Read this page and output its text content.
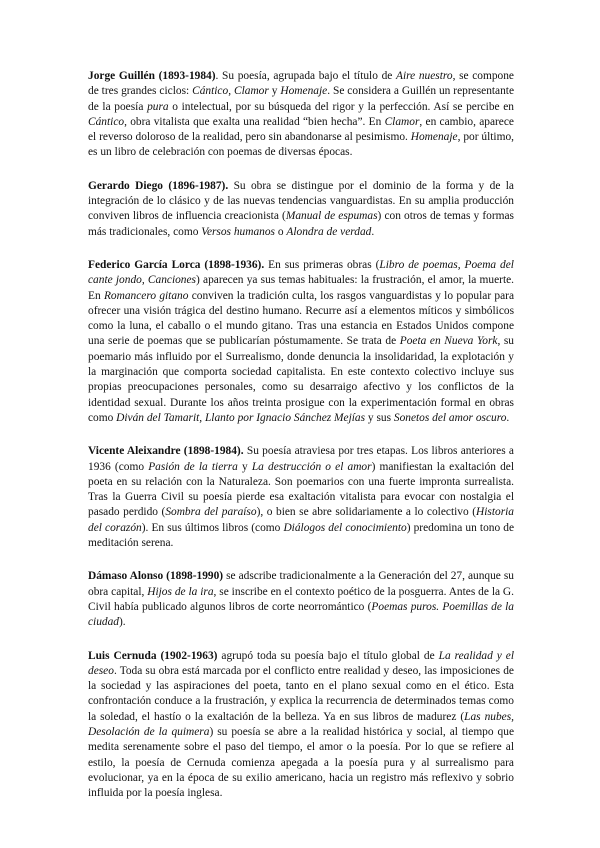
Jorge Guillén (1893-1984). Su poesía, agrupada bajo el título de Aire nuestro, se compone de tres grandes ciclos: Cántico, Clamor y Homenaje. Se considera a Guillén un representante de la poesía pura o intelectual, por su búsqueda del rigor y la perfección. Así se percibe en Cántico, obra vitalista que exalta una realidad “bien hecha”. En Clamor, en cambio, aparece el reverso doloroso de la realidad, pero sin abandonarse al pesimismo. Homenaje, por último, es un libro de celebración con poemas de diversas épocas.

Gerardo Diego (1896-1987). Su obra se distingue por el dominio de la forma y de la integración de lo clásico y de las nuevas tendencias vanguardistas. En su amplia producción conviven libros de influencia creacionista (Manual de espumas) con otros de temas y formas más tradicionales, como Versos humanos o Alondra de verdad.

Federico García Lorca (1898-1936). En sus primeras obras (Libro de poemas, Poema del cante jondo, Canciones) aparecen ya sus temas habituales: la frustración, el amor, la muerte. En Romancero gitano conviven la tradición culta, los rasgos vanguardistas y lo popular para ofrecer una visión trágica del destino humano. Recurre así a elementos míticos y simbólicos como la luna, el caballo o el mundo gitano. Tras una estancia en Estados Unidos compone una serie de poemas que se publicarían póstumamente. Se trata de Poeta en Nueva York, su poemario más influido por el Surrealismo, donde denuncia la insolidaridad, la explotación y la marginación que comporta sociedad capitalista. En este contexto colectivo incluye sus propias preocupaciones personales, como su desarraigo afectivo y los conflictos de la identidad sexual. Durante los años treinta prosigue con la experimentación formal en obras como Diván del Tamarit, Llanto por Ignacio Sánchez Mejías y sus Sonetos del amor oscuro.

Vicente Aleixandre (1898-1984). Su poesía atraviesa por tres etapas. Los libros anteriores a 1936 (como Pasión de la tierra y La destrucción o el amor) manifiestan la exaltación del poeta en su relación con la Naturaleza. Son poemarios con una fuerte impronta surrealista. Tras la Guerra Civil su poesía pierde esa exaltación vitalista para evocar con nostalgia el pasado perdido (Sombra del paraíso), o bien se abre solidariamente a lo colectivo (Historia del corazón). En sus últimos libros (como Diálogos del conocimiento) predomina un tono de meditación serena.

Dámaso Alonso (1898-1990) se adscribe tradicionalmente a la Generación del 27, aunque su obra capital, Hijos de la ira, se inscribe en el contexto poético de la posguerra. Antes de la G. Civil había publicado algunos libros de corte neorromántico (Poemas puros. Poemillas de la ciudad).

Luis Cernuda (1902-1963) agrupó toda su poesía bajo el título global de La realidad y el deseo. Toda su obra está marcada por el conflicto entre realidad y deseo, las imposiciones de la sociedad y las aspiraciones del poeta, tanto en el plano sexual como en el ético. Esta confrontación conduce a la frustración, y explica la recurrencia de determinados temas como la soledad, el hastío o la exaltación de la belleza. Ya en sus libros de madurez (Las nubes, Desolación de la quimera) su poesía se abre a la realidad histórica y social, al tiempo que medita serenamente sobre el paso del tiempo, el amor o la poesía. Por lo que se refiere al estilo, la poesía de Cernuda comienza apegada a la poesía pura y al surrealismo para evolucionar, ya en la época de su exilio americano, hacia un registro más reflexivo y sobrio influida por la poesía inglesa.
